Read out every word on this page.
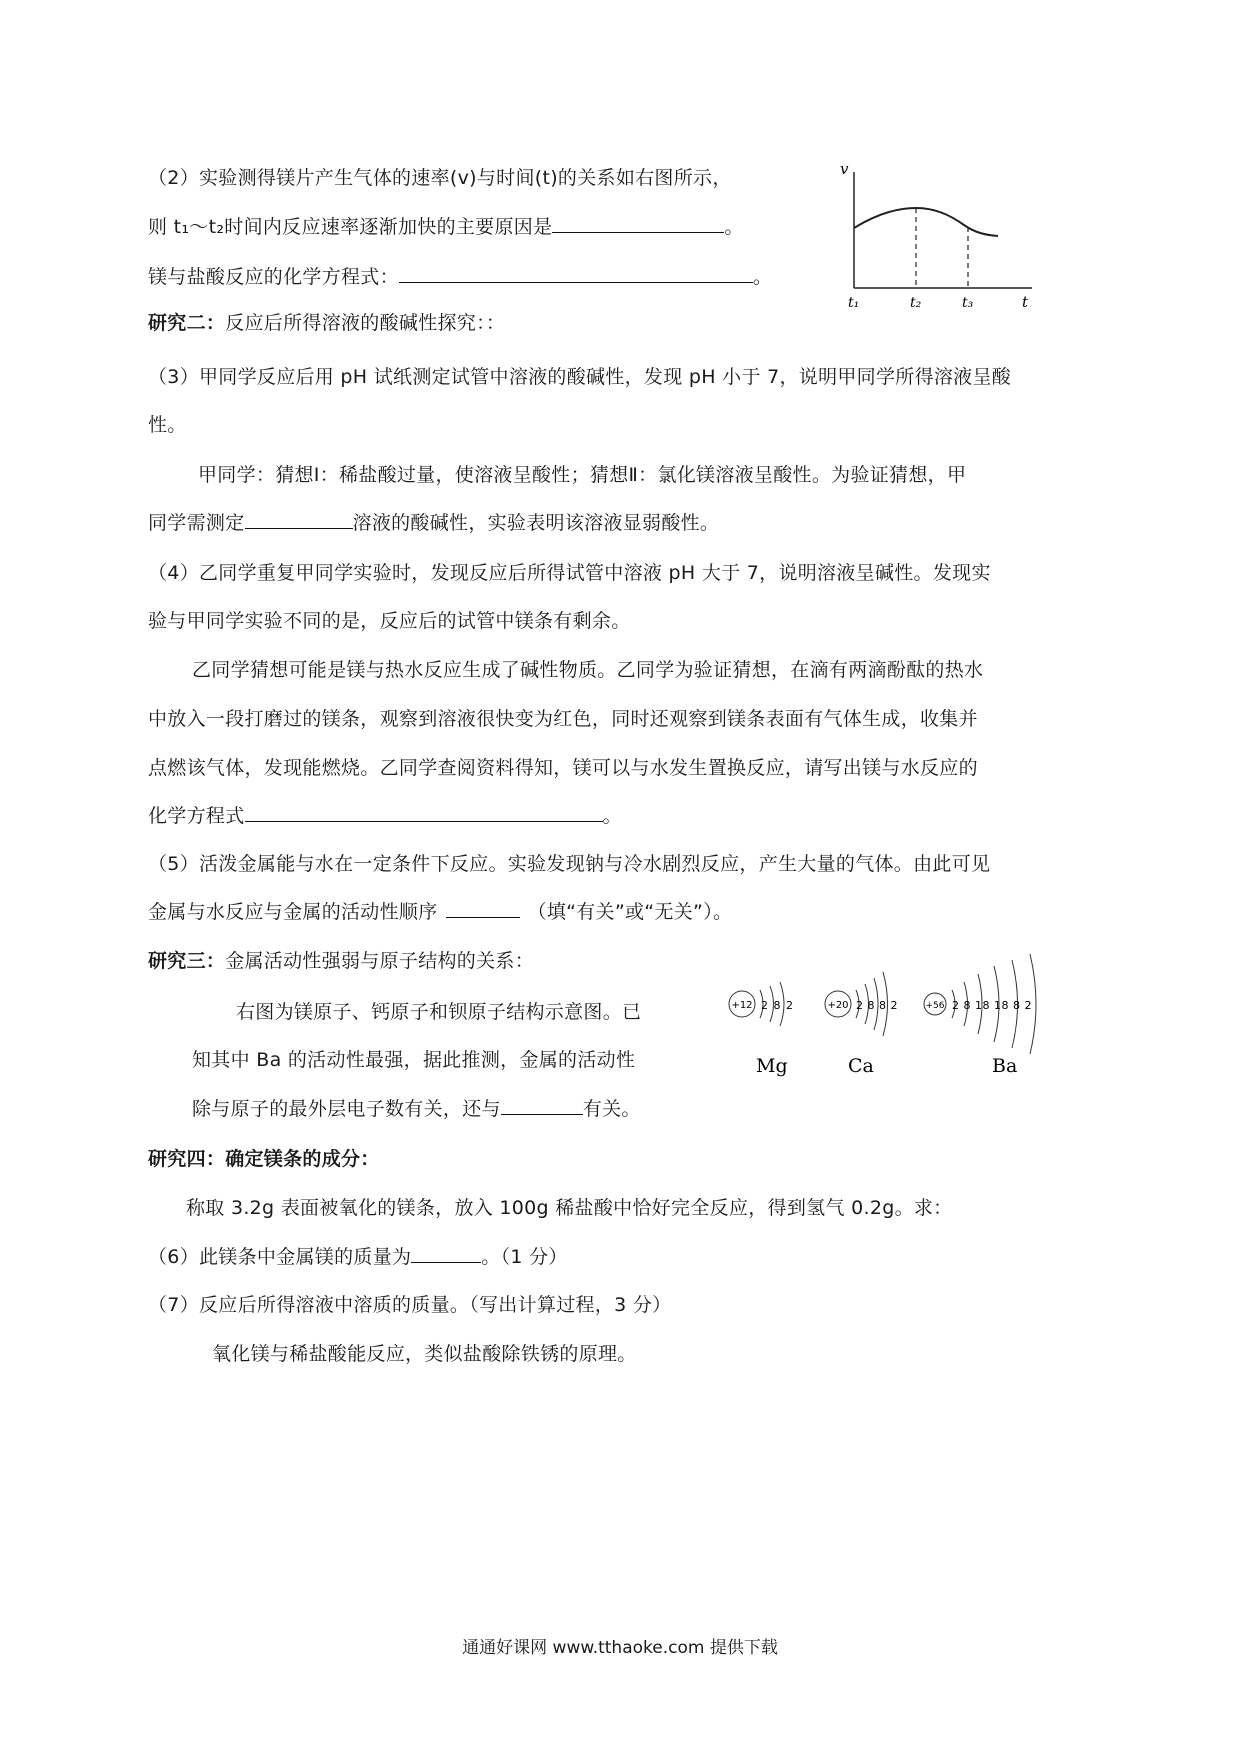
（2）实验测得镁片产生气体的速率(v)与时间(t)的关系如右图所示，
则 t₁～t₂时间内反应速率逐渐加快的主要原因是	。
镁与盐酸反应的化学方程式：	。
v
t
t₁	t₂	t₃
研究二：反应后所得溶液的酸碱性探究：：
（3）甲同学反应后用 pH 试纸测定试管中溶液的酸碱性，发现 pH 小于 7，说明甲同学所得溶液呈酸
性。
甲同学：猜想Ⅰ：稀盐酸过量，使溶液呈酸性；猜想Ⅱ：氯化镁溶液呈酸性。为验证猜想，甲
同学需测定	溶液的酸碱性，实验表明该溶液显弱酸性。
（4）乙同学重复甲同学实验时，发现反应后所得试管中溶液 pH 大于 7，说明溶液呈碱性。发现实
验与甲同学实验不同的是，反应后的试管中镁条有剩余。
乙同学猜想可能是镁与热水反应生成了碱性物质。乙同学为验证猜想，在滴有两滴酚酞的热水
中放入一段打磨过的镁条，观察到溶液很快变为红色，同时还观察到镁条表面有气体生成，收集并
点燃该气体，发现能燃烧。乙同学查阅资料得知，镁可以与水发生置换反应，请写出镁与水反应的
化学方程式	。
（5）活泼金属能与水在一定条件下反应。实验发现钠与冷水剧烈反应，产生大量的气体。由此可见
金属与水反应与金属的活动性顺序	（填“有关”或“无关”）。
研究三：金属活动性强弱与原子结构的关系：
右图为镁原子、钙原子和钡原子结构示意图。已
知其中 Ba 的活动性最强，据此推测，金属的活动性
除与原子的最外层电子数有关，还与	有关。
+12 2 8 2
Mg
+20 2 8 8 2
Ca
+56 2 8 18 18 8 2
Ba
研究四：确定镁条的成分：
称取 3.2g 表面被氧化的镁条，放入 100g 稀盐酸中恰好完全反应，得到氢气 0.2g。求：
（6）此镁条中金属镁的质量为	。（1 分）
（7）反应后所得溶液中溶质的质量。（写出计算过程，3 分）
氧化镁与稀盐酸能反应，类似盐酸除铁锈的原理。
通通好课网 www.tthaoke.com 提供下载
